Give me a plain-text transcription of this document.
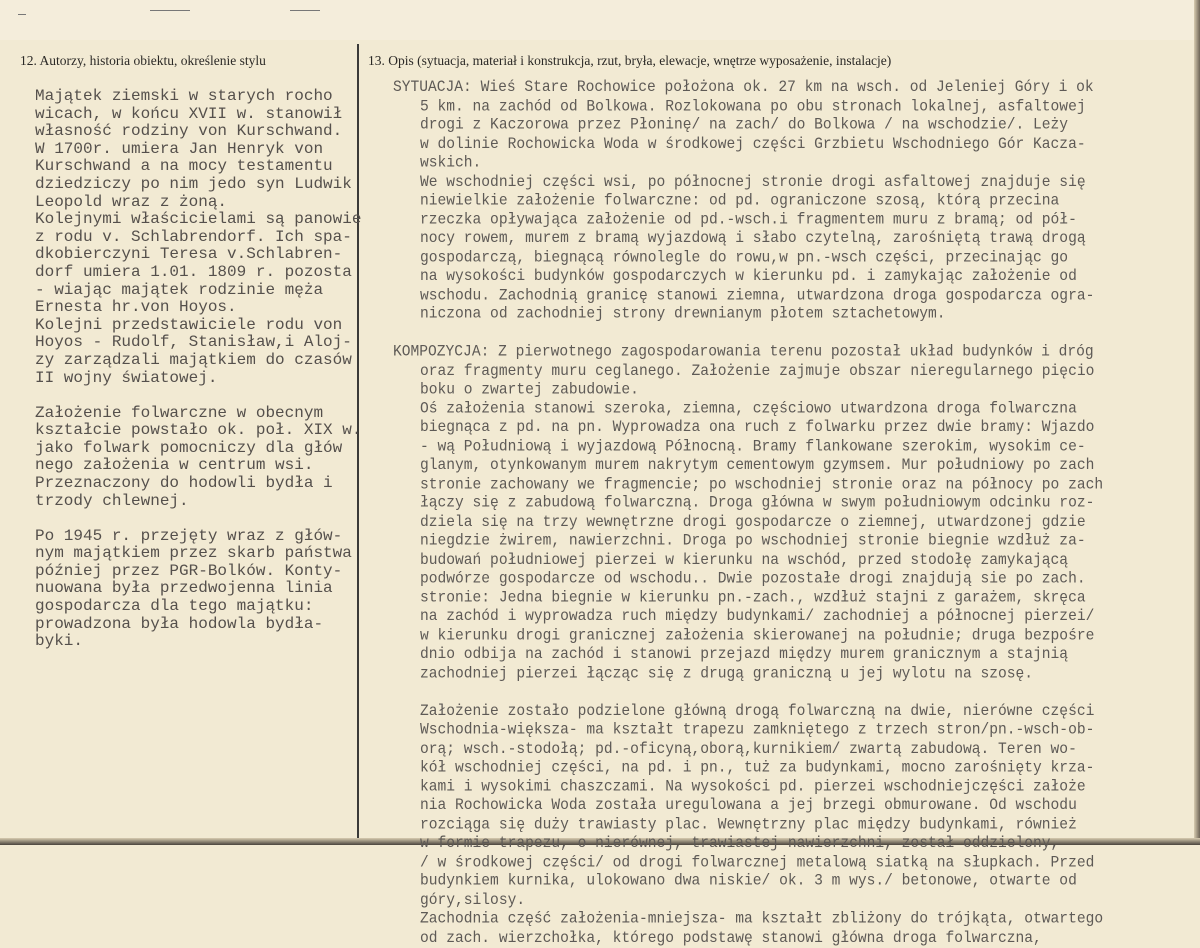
12. Autorzy, historia obiektu, określenie stylu	13. Opis (sytuacja, materiał i konstrukcja, rzut, bryła, elewacje, wnętrze wyposażenie, instalacje)
Majątek ziemski w starych rocho
wicach, w końcu XVII w. stanowił
własność rodziny von Kurschwand.
W 1700r. umiera Jan Henryk von
Kurschwand a na mocy testamentu
dziedziczy po nim jedo syn Ludwik
Leopold wraz z żoną.
Kolejnymi właścicielami są panowie
z rodu v. Schlabrendorf. Ich spa-
dkobierczyni Teresa v.Schlabren-
dorf umiera 1.01. 1809 r. pozosta
- wiając majątek rodzinie męża
Ernesta hr.von Hoyos.
Kolejni przedstawiciele rodu von
Hoyos - Rudolf, Stanisław,i Aloj-
zy zarządzali majątkiem do czasów
II wojny światowej.
Założenie folwarczne w obecnym
kształcie powstało ok. poł. XIX w.
jako folwark pomocniczy dla głów
nego założenia w centrum wsi.
Przeznaczony do hodowli bydła i
trzody chlewnej.
Po 1945 r. przejęty wraz z głów-
nym majątkiem przez skarb państwa
później przez PGR-Bolków. Konty-
nuowana była przedwojenna linia
gospodarcza dla tego majątku:
prowadzona była hodowla bydła-
byki.
SYTUACJA: Wieś Stare Rochowice położona ok. 27 km na wsch. od Jeleniej Góry i ok
5 km. na zachód od Bolkowa. Rozlokowana po obu stronach lokalnej, asfaltowej
drogi z Kaczorowa przez Płoninę/ na zach/ do Bolkowa / na wschodzie/. Leży
w dolinie Rochowicka Woda w środkowej części Grzbietu Wschodniego Gór Kacza-
wskich.
We wschodniej części wsi, po północnej stronie drogi asfaltowej znajduje się
niewielkie założenie folwarczne: od pd. ograniczone szosą, którą przecina
rzeczka opływająca założenie od pd.-wsch.i fragmentem muru z bramą; od pół-
nocy rowem, murem z bramą wyjazdową i słabo czytelną, zarośniętą trawą drogą
gospodarczą, biegnącą równolegle do rowu,w pn.-wsch części, przecinając go
na wysokości budynków gospodarczych w kierunku pd. i zamykając założenie od
wschodu. Zachodnią granicę stanowi ziemna, utwardzona droga gospodarcza ogra-
niczona od zachodniej strony drewnianym płotem sztachetowym.
KOMPOZYCJA: Z pierwotnego zagospodarowania terenu pozostał układ budynków i dróg
oraz fragmenty muru ceglanego. Założenie zajmuje obszar nieregularnego pięcio
boku o zwartej zabudowie.
Oś założenia stanowi szeroka, ziemna, częściowo utwardzona droga folwarczna
biegnąca z pd. na pn. Wyprowadza ona ruch z folwarku przez dwie bramy: Wjazdo
- wą Południową i wyjazdową Północną. Bramy flankowane szerokim, wysokim ce-
glanym, otynkowanym murem nakrytym cementowym gzymsem. Mur południowy po zach
stronie zachowany we fragmencie; po wschodniej stronie oraz na północy po zach
łączy się z zabudową folwarczną. Droga główna w swym południowym odcinku roz-
dziela się na trzy wewnętrzne drogi gospodarcze o ziemnej, utwardzonej gdzie
niegdzie żwirem, nawierzchni. Droga po wschodniej stronie biegnie wzdłuż za-
budowań południowej pierzei w kierunku na wschód, przed stodołę zamykającą
podwórze gospodarcze od wschodu.. Dwie pozostałe drogi znajdują sie po zach.
stronie: Jedna biegnie w kierunku pn.-zach., wzdłuż stajni z garażem, skręca
na zachód i wyprowadza ruch między budynkami/ zachodniej a północnej pierzei/
w kierunku drogi granicznej założenia skierowanej na południe; druga bezpośre
dnio odbija na zachód i stanowi przejazd między murem granicznym a stajnią
zachodniej pierzei łącząc się z drugą graniczną u jej wylotu na szosę.
Założenie zostało podzielone główną drogą folwarczną na dwie, nierówne części
Wschodnia-większa- ma kształt trapezu zamkniętego z trzech stron/pn.-wsch-ob-
orą; wsch.-stodołą; pd.-oficyną,oborą,kurnikiem/ zwartą zabudową. Teren wo-
kół wschodniej części, na pd. i pn., tuż za budynkami, mocno zarośnięty krza-
kami i wysokimi chaszczami. Na wysokości pd. pierzei wschodniejczęści założe
nia Rochowicka Woda została uregulowana a jej brzegi obmurowane. Od wschodu
rozciąga się duży trawiasty plac. Wewnętrzny plac między budynkami, również
w formie trapezu, o nierównej, trawiastej nawierzchni, został oddzielony,
/ w środkowej części/ od drogi folwarcznej metalową siatką na słupkach. Przed
budynkiem kurnika, ulokowano dwa niskie/ ok. 3 m wys./ betonowe, otwarte od
góry,silosy.
Zachodnia część założenia-mniejsza- ma kształt zbliżony do trójkąta, otwartego
od zach. wierzchołka, którego podstawę stanowi główna droga folwarczna,
